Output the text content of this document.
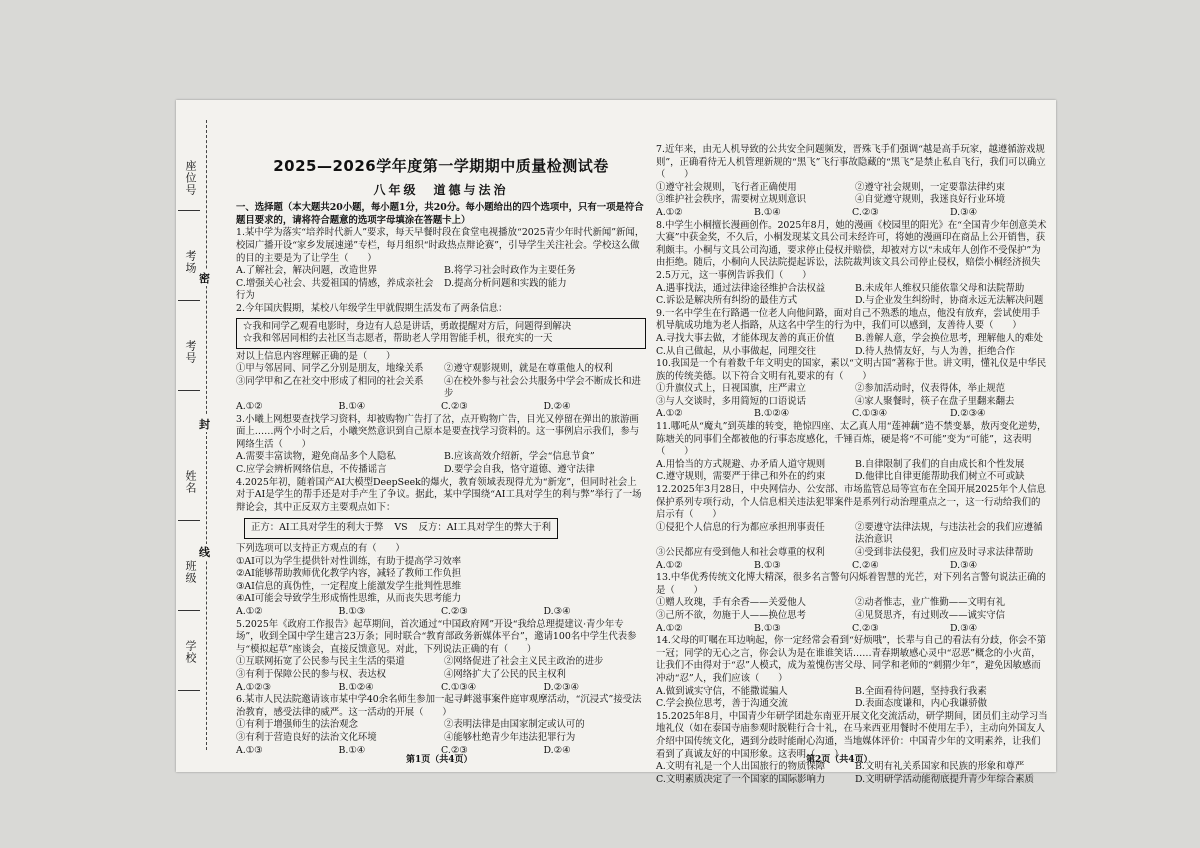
座位号
考场
考号
姓名
班级
学校
密
封
线
2025—2026学年度第一学期期中质量检测试卷
八年级　道德与法治

一、选择题（本大题共20小题，每小题1分，共20分。每小题给出的四个选项中，只有一项是符合题目要求的，请将符合题意的选项字母填涂在答题卡上）

1.某中学为落实“培养时代新人”要求，每天早餐时段在食堂电视播放“2025青少年时代新闻”新闻，校园广播开设“家乡发展速递”专栏，每月组织“时政热点辩论赛”，引导学生关注社会。学校这么做的目的主要是为了让学生（　　）

A.了解社会，解决问题，改造世界	B.将学习社会时政作为主要任务
C.增强关心社会、共爱祖国的情感，养成亲社会行为
D.提高分析问题和实践的能力

2.今年国庆假期，某校八年级学生甲就假期生活发布了两条信息：

☆我和同学乙观看电影时，身边有人总是讲话，勇敢提醒对方后，问题得到解决

☆我和邻居同相约去社区当志愿者，帮助老人学用智能手机，很充实的一天

对以上信息内容理解正确的是（　　）

①甲与邻居同、同学乙分别是朋友，地缘关系	②遵守观影规则，就是在尊重他人的权利
③同学甲和乙在社交中形成了相同的社会关系	④在校外参与社会公共服务中学会不断成长和进步
A.①②	B.①④	C.②③	D.②④

3.小曦上网想要查找学习资料，却被购物广告打了岔，点开购物广告，目光又停留在弹出的旅游画面上……两个小时之后，小曦突然意识到自己原本是要查找学习资料的。这一事例启示我们，参与网络生活（　　）

A.需要丰富读物，避免商品多个人隐私	B.应该高效介绍新，学会“信息节食”
C.应学会辨析网络信息，不传播谣言	D.要学会自我，恪守道德、遵守法律

4.2025年初，随着国产AI大模型DeepSeek的爆火，教育领域表现得尤为“新宠”，但同时社会上对于AI是学生的帮手还是对手产生了争议。据此，某中学围绕“AI工具对学生的利与弊”举行了一场辩论会，其中正反双方主要观点如下：

正方：AI工具对学生的利大于弊 VS 反方：AI工具对学生的弊大于利

下列选项可以支持正方观点的有（　　）

①AI可以为学生提供针对性训练，有助于提高学习效率

②AI能够帮助教师优化教学内容，减轻了教师工作负担

③AI信息的真伪性，一定程度上能激发学生批判性思维

④AI可能会导致学生形成惰性思维，从而丧失思考能力

A.①②	B.①③	C.②③	D.③④

5.2025年《政府工作报告》起草期间，首次通过“中国政府网”开设“我给总理提建议·青少年专场”，收到全国中学生建言23万条；同时联合“教育部政务新媒体平台”，邀请100名中学生代表参与“模拟起草”座谈会，直接反馈意见。对此，下列说法正确的有（　　）

①互联网拓宽了公民参与民主生活的渠道	②网络促进了社会主义民主政治的进步
③有利于保障公民的参与权、表达权	④网络扩大了公民的民主权利
A.①②③	B.①②④	C.①③④	D.②③④

6.某市人民法院邀请该市某中学40余名师生参加一起寻衅滋事案件庭审观摩活动，“沉浸式”接受法治教育，感受法律的威严。这一活动的开展（　　）

①有利于增强师生的法治观念	②表明法律是由国家制定或认可的
③有利于营造良好的法治文化环境	④能够杜绝青少年违法犯罪行为
A.①③	B.①④	C.②③	D.②④
第1页（共4页）

7.近年来，由无人机导致的公共安全问题频发，晋殊飞手们强调“越是高手玩家，越遵循游戏规则”，正确看待无人机管理新规的“黑飞”飞行事故隐藏的“黑飞”是禁止私自飞行，我们可以确立（　　）

①遵守社会规则，飞行者正确使用	②遵守社会规则，一定要靠法律约束
③维护社会秩序，需要树立规则意识	④自觉遵守规则，我迷良好行业环境
A.①②	B.①④	C.②③	D.③④

8.中学生小桐擅长漫画创作。2025年8月，她的漫画《校园里的阳光》在“全国青少年创意美术大赛”中获金奖，不久后，小桐发现某文具公司未经许可，将她的漫画印在商品上公开销售，获利颇丰。小桐与文具公司沟通，要求停止侵权并赔偿，却被对方以“未成年人创作不受保护”为由拒绝。随后，小桐向人民法院提起诉讼，法院裁判该文具公司停止侵权，赔偿小桐经济损失2.5万元，这一事例告诉我们（　　）

A.遇事找法，通过法律途径维护合法权益	B.未成年人维权只能依靠父母和法院帮助
C.诉讼是解决所有纠纷的最佳方式	D.与企业发生纠纷时，协商永远无法解决问题

9.一名中学生在行路遇一位老人向他问路，面对自己不熟悉的地点，他没有放弃，尝试使用手机导航成功地为老人指路，从这名中学生的行为中，我们可以感到，友善待人要（　　）

A.寻找大事去做，才能体现友善的真正价值	B.善解人意，学会换位思考，理解他人的难处
C.从自己做起，从小事做起，同理交往	D.待人热情友好，与人为善，拒绝合作

10.我国是一个有着数千年文明史的国家，素以“文明古国”著称于世。讲文明，懂礼仪是中华民族的传统美德。以下符合文明有礼要求的有（　　）

①升旗仪式上，日视国旗，庄严肃立	②参加活动时，仪表得体，举止规范
③与人交谈时，多用简短的口语说话	④家人聚餐时，筷子在盘子里翻来翻去
A.①②	B.①②④	C.①③④	D.②③④

11.哪吒从“魔丸”到英雄的转变，艳惊四座、太乙真人用“莲神藕”造不禁变暴，敖丙变化逆势，陈塘关的同事们全都被他的行事态度感化，千锤百炼，硬是将“不可能”变为“可能”，这表明（　　）

A.用恰当的方式规避、办矛盾人道守规则	B.自律限制了我们的自由成长和个性发展
C.遵守规则，需要严于律己和外在的约束	D.他律比自律更能帮助我们树立不可或缺

12.2025年3月28日，中央网信办、公安部、市场监管总局等宣布在全国开展2025年个人信息保护系列专项行动，个人信息相关违法犯罪案件是系列行动治理重点之一，这一行动给我们的启示有（　　）

①侵犯个人信息的行为都应承担刑事责任	②要遵守法律法规，与违法社会的我们应遵循法治意识
③公民都应有受到他人和社会尊重的权利	④受到非法侵犯，我们应及时寻求法律帮助
A.①②	B.①③	C.②④	D.③④

13.中华优秀传统文化博大精深，很多名言警句闪烁着智慧的光芒，对下列名言警句说法正确的是（　　）

①赠人玫瑰，手有余香——关爱他人	②动者惟志，业广惟勤——文明有礼
③己所不欲，勿施于人——换位思考	④见贤思齐，有过则改——诚实守信
A.①②	B.①③	C.②③	D.③④

14.父母的叮嘱在耳边响起，你一定经常会看到“好烦哦”，长辈与自己的看法有分歧，你会不第一冠；同学的无心之言，你会认为是在谁谁笑话……青春期敏感心灵中“忍恶”概念的小火苗，让我们不由得对于“忍”人模式，成为羞愧伤害父母、同学和老师的“刺猬少年”，避免因敏感而冲动“忍”人，我们应该（　　）

A.做到诚实守信，不能撒谎骗人	B.全面看待问题，坚持我行我素
C.学会换位思考，善于沟通交流	D.表面态度谦和，内心我谦骄傲

15.2025年8月，中国青少年研学团赴东南亚开展文化交流活动，研学期间，团员们主动学习当地礼仪（如在泰国寺庙参观时脱鞋行合十礼，在马来西亚用餐时不使用左手），主动向外国友人介绍中国传统文化，遇到分歧时能耐心沟通，当地媒体评价：中国青少年的文明素养，让我们看到了真诚友好的中国形象。这表明（　　）

A.文明有礼是一个人出国旅行的物质保障	B.文明有礼关系国家和民族的形象和尊严
C.文明素质决定了一个国家的国际影响力	D.文明研学活动能彻底提升青少年综合素质
第2页（共4页）
